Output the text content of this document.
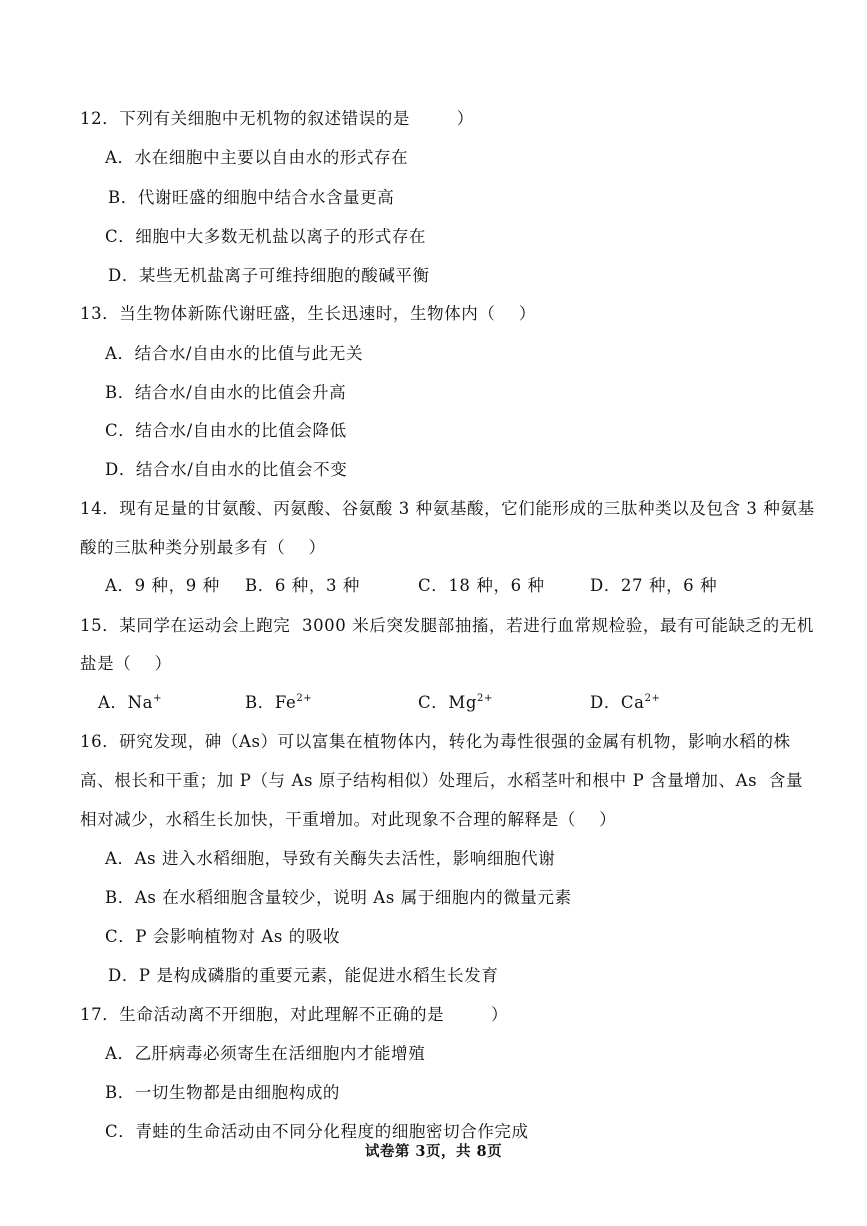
12．下列有关细胞中无机物的叙述错误的是        ）
A．水在细胞中主要以自由水的形式存在
B．代谢旺盛的细胞中结合水含量更高
C．细胞中大多数无机盐以离子的形式存在
D．某些无机盐离子可维持细胞的酸碱平衡
13．当生物体新陈代谢旺盛，生长迅速时，生物体内（    ）
A．结合水/自由水的比值与此无关
B．结合水/自由水的比值会升高
C．结合水/自由水的比值会降低
D．结合水/自由水的比值会不变
14．现有足量的甘氨酸、丙氨酸、谷氨酸 3 种氨基酸，它们能形成的三肽种类以及包含 3 种氨基
酸的三肽种类分别最多有（    ）

A．9 种，9 种

B．6 种，3 种

	C．18 种，6 种

	D．27 种，6 种

15．某同学在运动会上跑完  3000 米后突发腿部抽搐，若进行血常规检验，最有可能缺乏的无机
盐是（    ）

A．Na+

	B．$Fe^{2+}$

	C．$Mg^{2+}$

	D．$Ca^{2+}$

16．研究发现，砷（As）可以富集在植物体内，转化为毒性很强的金属有机物，影响水稻的株
高、根长和干重；加 P（与 As 原子结构相似）处理后，水稻茎叶和根中 P 含量增加、As  含量
相对减少，水稻生长加快，干重增加。对此现象不合理的解释是（    ）
A．As 进入水稻细胞，导致有关酶失去活性，影响细胞代谢
B．As 在水稻细胞含量较少，说明 As 属于细胞内的微量元素
C．P 会影响植物对 As 的吸收
D．P 是构成磷脂的重要元素，能促进水稻生长发育
17．生命活动离不开细胞，对此理解不正确的是        ）
A．乙肝病毒必须寄生在活细胞内才能增殖
B．一切生物都是由细胞构成的
C．青蛙的生命活动由不同分化程度的细胞密切合作完成
试卷第 3页，共 8页
